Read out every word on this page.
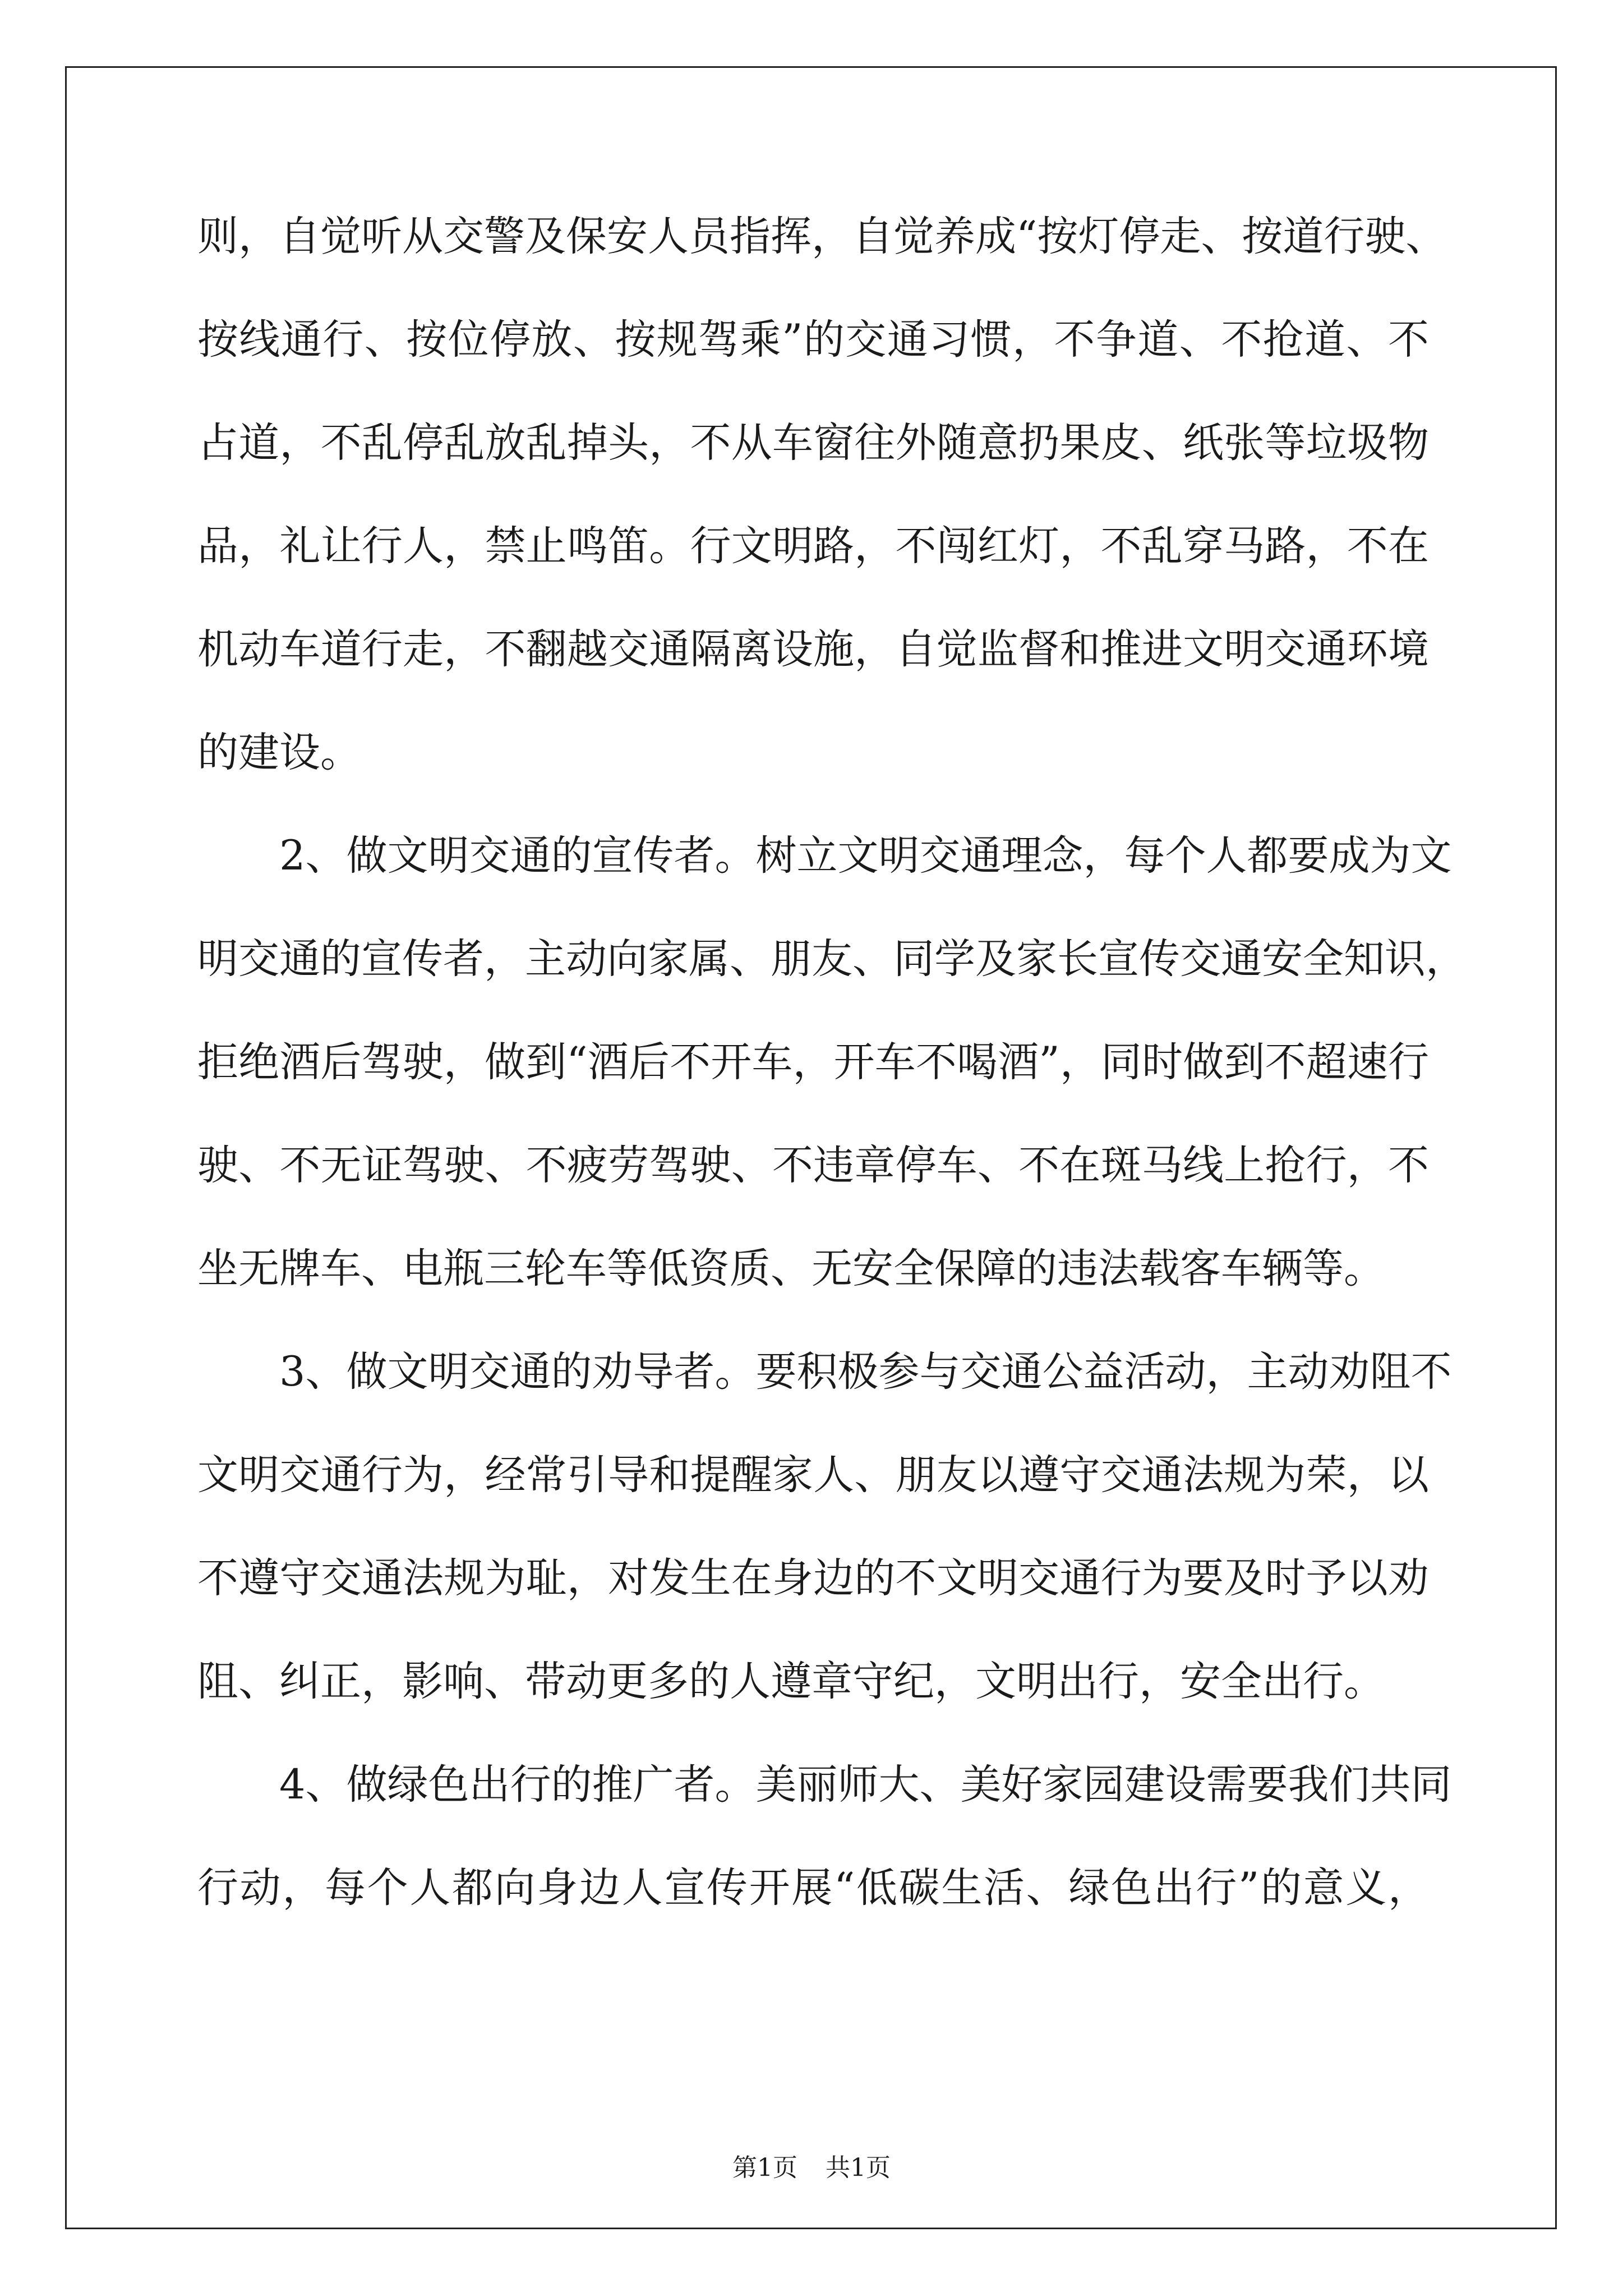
则，自觉听从交警及保安人员指挥，自觉养成“按灯停走、按道行驶、
按线通行、按位停放、按规驾乘”的交通习惯，不争道、不抢道、不
占道，不乱停乱放乱掉头，不从车窗往外随意扔果皮、纸张等垃圾物
品，礼让行人，禁止鸣笛。行文明路，不闯红灯，不乱穿马路，不在
机动车道行走，不翻越交通隔离设施，自觉监督和推进文明交通环境
的建设。
2、做文明交通的宣传者。树立文明交通理念，每个人都要成为文
明交通的宣传者，主动向家属、朋友、同学及家长宣传交通安全知识，
拒绝酒后驾驶，做到“酒后不开车，开车不喝酒”，同时做到不超速行
驶、不无证驾驶、不疲劳驾驶、不违章停车、不在斑马线上抢行，不
坐无牌车、电瓶三轮车等低资质、无安全保障的违法载客车辆等。
3、做文明交通的劝导者。要积极参与交通公益活动，主动劝阻不
文明交通行为，经常引导和提醒家人、朋友以遵守交通法规为荣，以
不遵守交通法规为耻，对发生在身边的不文明交通行为要及时予以劝
阻、纠正，影响、带动更多的人遵章守纪，文明出行，安全出行。
4、做绿色出行的推广者。美丽师大、美好家园建设需要我们共同
行动，每个人都向身边人宣传开展“低碳生活、绿色出行”的意义，
第1页 共1页
